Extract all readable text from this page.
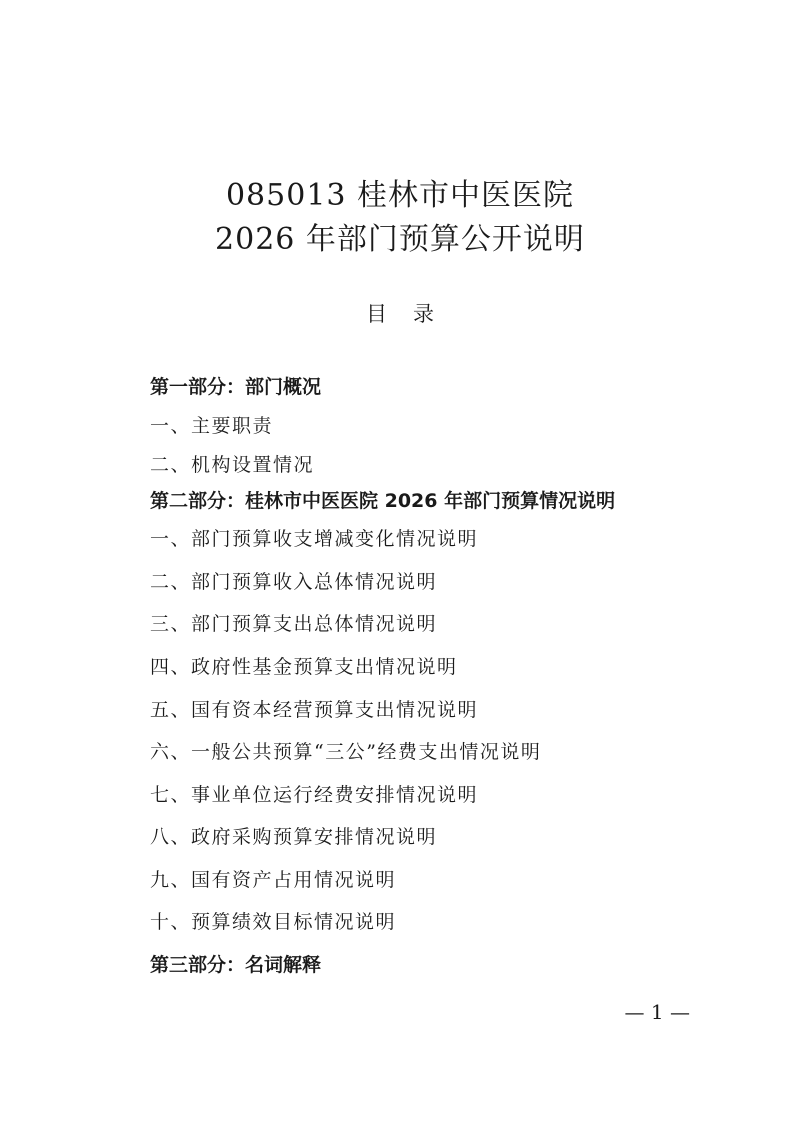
085013 桂林市中医医院
2026 年部门预算公开说明
目录
第一部分：部门概况
一、主要职责
二、机构设置情况
第二部分：桂林市中医医院 2026 年部门预算情况说明
一、部门预算收支增减变化情况说明
二、部门预算收入总体情况说明
三、部门预算支出总体情况说明
四、政府性基金预算支出情况说明
五、国有资本经营预算支出情况说明
六、一般公共预算“三公”经费支出情况说明
七、事业单位运行经费安排情况说明
八、政府采购预算安排情况说明
九、国有资产占用情况说明
十、预算绩效目标情况说明
第三部分：名词解释
— 1 —
